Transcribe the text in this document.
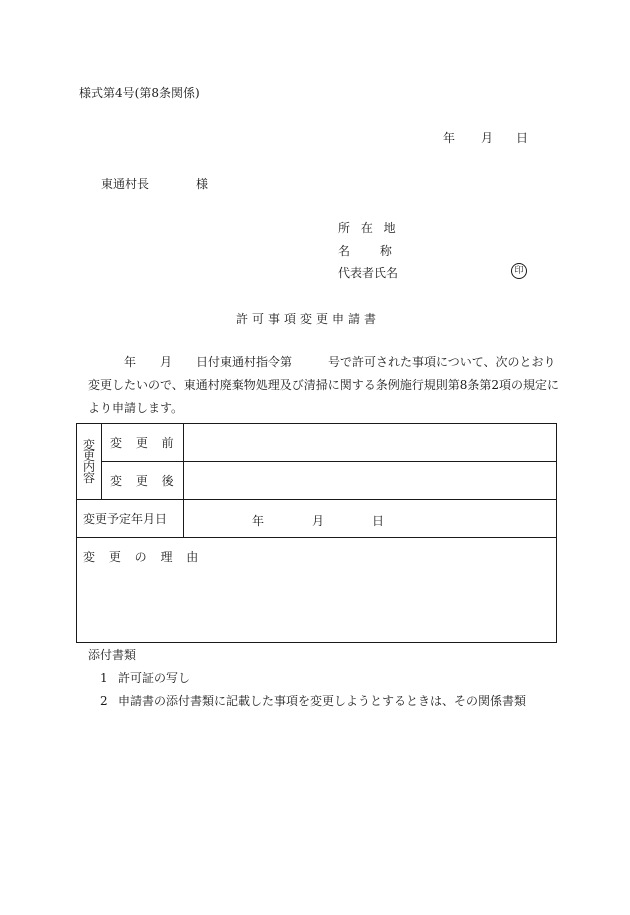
様式第4号(第8条関係)
年 月 日
東通村長	様
所 在 地
名 称
代表者氏名	印
許可事項変更申請書
年 月 日付東通村指令第	号で許可された事項について、次のとおり
変更したいので、東通村廃棄物処理及び清掃に関する条例施行規則第8条第2項の規定に
より申請します。
変更内容	変 更 前	
	変 更 後	
変更予定年月日		年 月 日

変 更 の 理 由		
添付書類
1 許可証の写し
2 申請書の添付書類に記載した事項を変更しようとするときは、その関係書類
